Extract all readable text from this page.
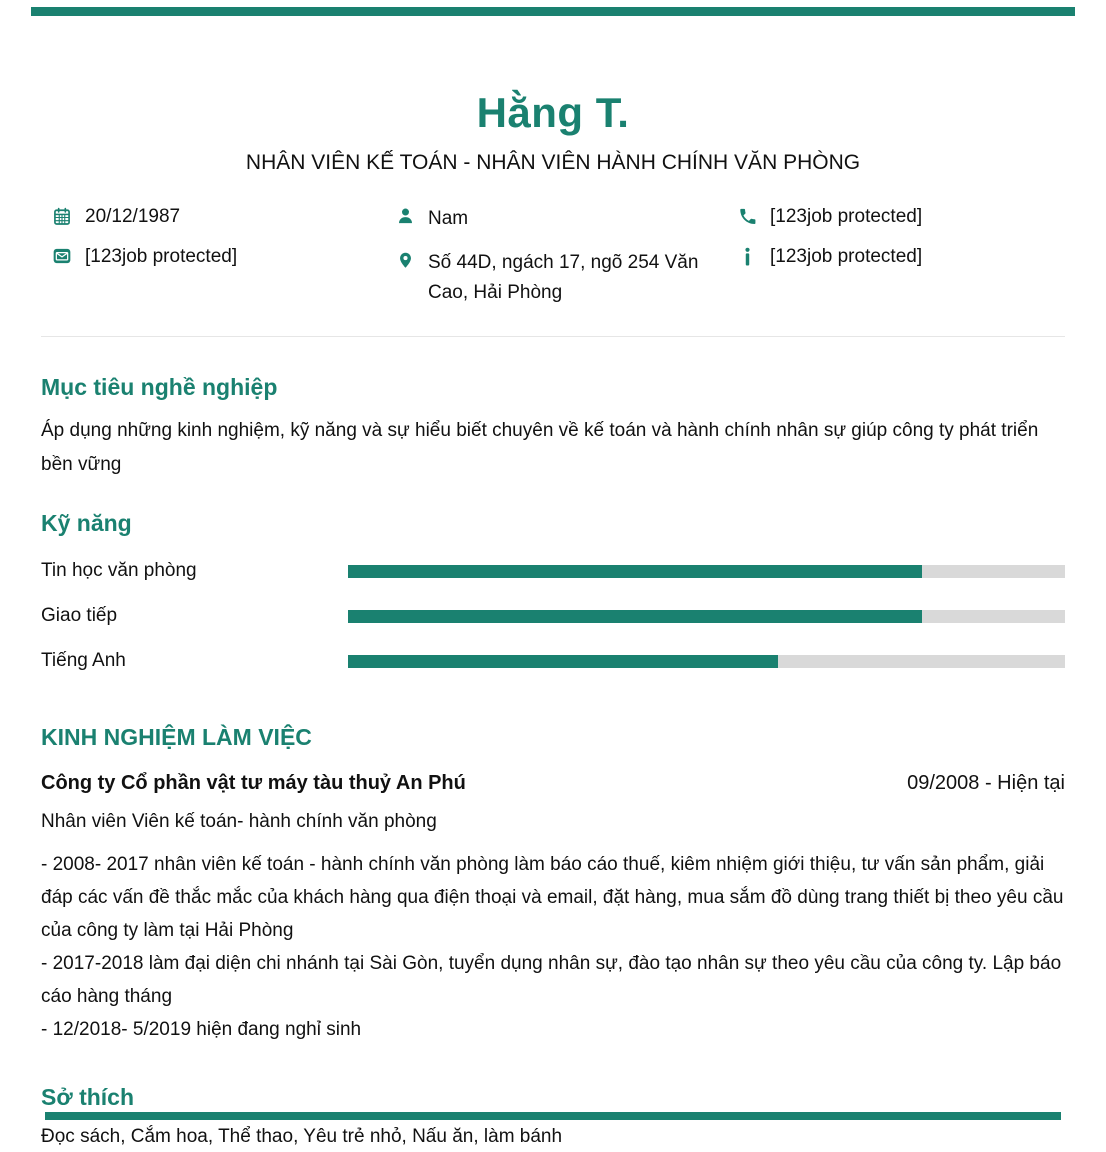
Hằng T.
NHÂN VIÊN KẾ TOÁN - NHÂN VIÊN HÀNH CHÍNH VĂN PHÒNG
20/12/1987
[123job protected]
Nam
Số 44D, ngách 17, ngõ 254 Văn Cao, Hải Phòng
[123job protected]
[123job protected]
Mục tiêu nghề nghiệp

Áp dụng những kinh nghiệm, kỹ năng và sự hiểu biết chuyên về kế toán và hành chính nhân sự giúp công ty phát triển bền vững

Kỹ năng
Tin học văn phòng
Giao tiếp
Tiếng Anh
KINH NGHIỆM LÀM VIỆC
Công ty Cổ phần vật tư máy tàu thuỷ An Phú	09/2008 - Hiện tại
Nhân viên Viên kế toán- hành chính văn phòng

- 2008- 2017 nhân viên kế toán - hành chính văn phòng làm báo cáo thuế, kiêm nhiệm giới thiệu, tư vấn sản phẩm, giải đáp các vấn đề thắc mắc của khách hàng qua điện thoại và email, đặt hàng, mua sắm đồ dùng trang thiết bị theo yêu cầu của công ty làm tại Hải Phòng

- 2017-2018 làm đại diện chi nhánh tại Sài Gòn, tuyển dụng nhân sự, đào tạo nhân sự theo yêu cầu của công ty. Lập báo cáo hàng tháng

- 12/2018- 5/2019 hiện đang nghỉ sinh

Sở thích
Đọc sách, Cắm hoa, Thể thao, Yêu trẻ nhỏ, Nấu ăn, làm bánh
